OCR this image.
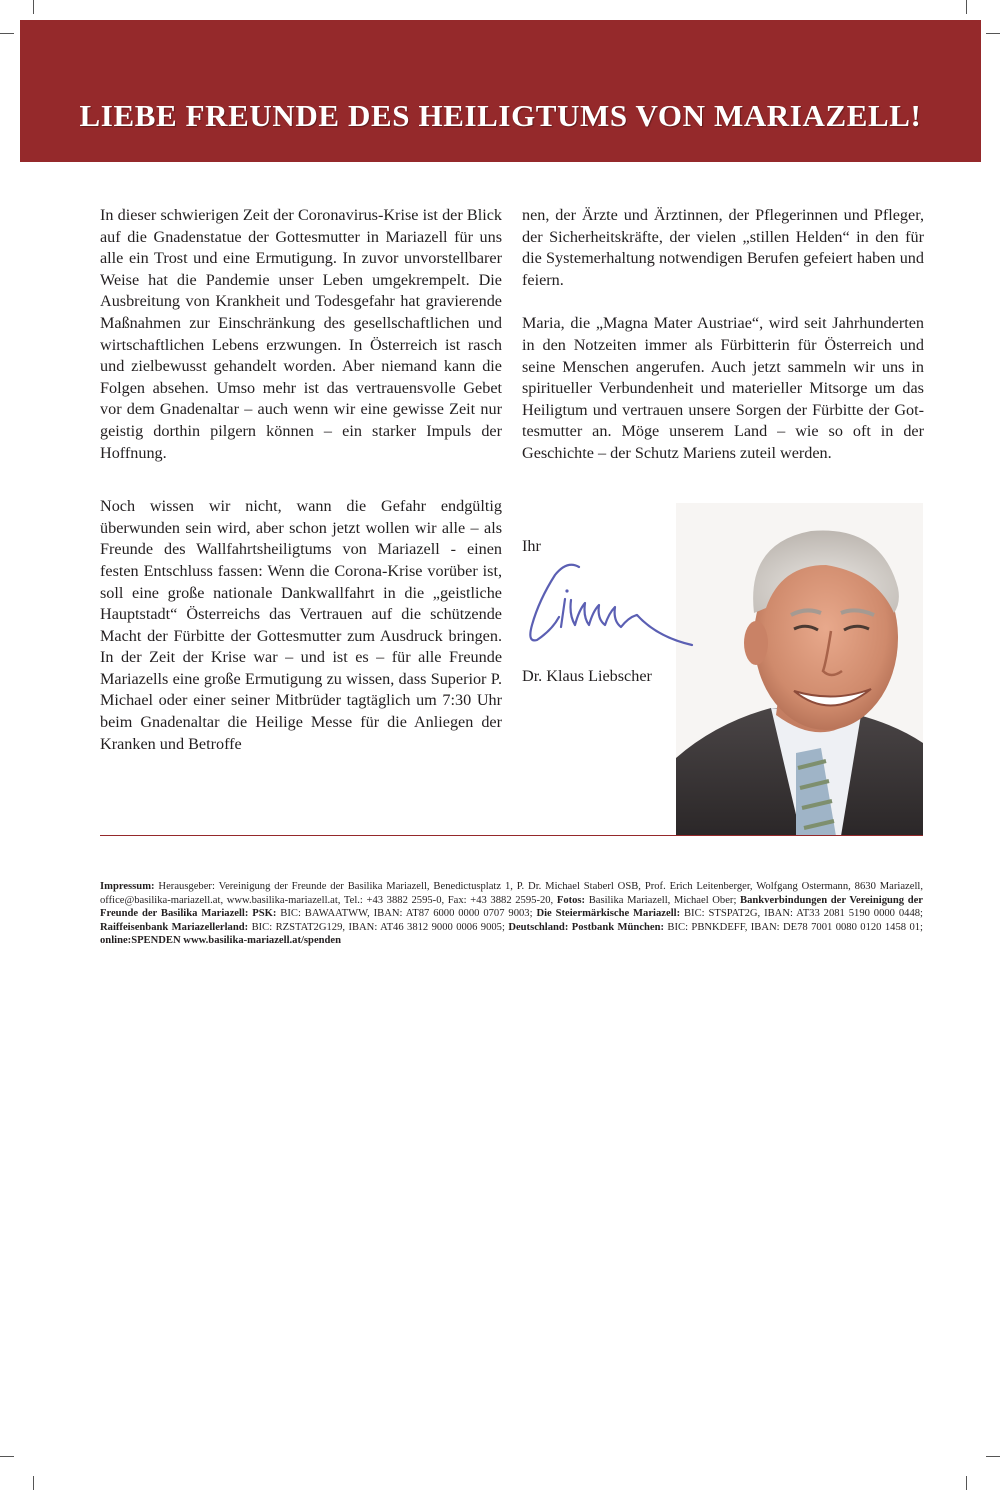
LIEBE FREUNDE DES HEILIGTUMS VON MARIAZELL!

In dieser schwierigen Zeit der Coronavirus-Krise ist der Blick auf die Gnadenstatue der Gottesmutter in Mariazell für uns alle ein Trost und eine Ermutigung. In zuvor unvorstellbarer Weise hat die Pandemie unser Leben umgekrempelt. Die Ausbreitung von Krankheit und Todesgefahr hat gravierende Maßnahmen zur Einschränkung des gesellschaftlichen und wirtschaftlichen Lebens erzwungen. In Österreich ist rasch und zielbewusst gehandelt worden. Aber niemand kann die Folgen absehen. Umso mehr ist das vertrauensvolle Gebet vor dem Gnadenaltar – auch wenn wir eine gewisse Zeit nur geistig dorthin pilgern können – ein starker Impuls der Hoffnung.

Noch wissen wir nicht, wann die Gefahr endgültig überwunden sein wird, aber schon jetzt wollen wir alle – als Freunde des Wallfahrtsheiligtums von Mariazell - einen festen Entschluss fassen: Wenn die Corona-Krise vorüber ist, soll eine große nationale Dankwallfahrt in die „geistliche Hauptstadt“ Österreichs das Vertrauen auf die schützende Macht der Fürbitte der Gottesmutter zum Ausdruck bringen. In der Zeit der Krise war – und ist es – für alle Freunde Mariazells eine große Ermutigung zu wissen, dass Superior P. Michael oder einer seiner Mitbrüder tagtäglich um 7:30 Uhr beim Gnadenaltar die Heilige Messe für die Anliegen der Kranken und Betroffe

nen, der Ärzte und Ärztinnen, der Pflegerinnen und Pfleger, der Sicherheitskräfte, der vielen „stillen Helden“ in den für die Systemerhaltung notwendigen Berufen gefeiert haben und feiern.

Maria, die „Magna Mater Austriae“, wird seit Jahrhunderten in den Notzeiten immer als Fürbitterin für Österreich und seine Menschen angerufen. Auch jetzt sammeln wir uns in spiritueller Verbundenheit und materieller Mitsorge um das Heiligtum und vertrauen unsere Sorgen der Fürbitte der Gottesmutter an. Möge unserem Land – wie so oft in der Geschichte – der Schutz Mariens zuteil werden.

Ihr
Dr. Klaus Liebscher
Impressum: Herausgeber: Vereinigung der Freunde der Basilika Mariazell, Benedictusplatz 1, P. Dr. Michael Staberl OSB, Prof. Erich Leitenberger, Wolfgang Ostermann, 8630 Mariazell, office@basilika-mariazell.at, www.basilika-mariazell.at, Tel.: +43 3882 2595-0, Fax: +43 3882 2595-20, Fotos: Basilika Mariazell, Michael Ober; Bankverbindungen der Vereinigung der Freunde der Basilika Mariazell: PSK: BIC: BAWAATWW, IBAN: AT87 6000 0000 0707 9003; Die Steiermärkische Mariazell: BIC: STSPAT2G, IBAN: AT33 2081 5190 0000 0448; Raiffeisenbank Mariazellerland: BIC: RZSTAT2G129, IBAN: AT46 3812 9000 0006 9005; Deutschland: Postbank München: BIC: PBNKDEFF, IBAN: DE78 7001 0080 0120 1458 01; online:SPENDEN www.basilika-mariazell.at/spenden
